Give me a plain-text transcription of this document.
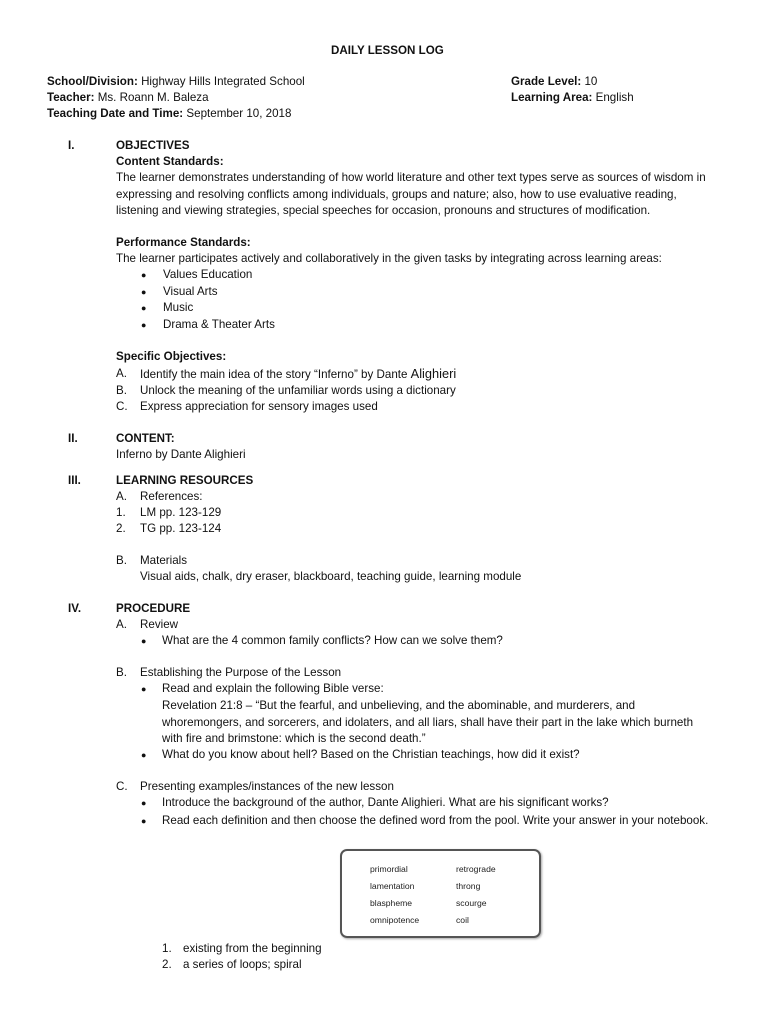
DAILY LESSON LOG
School/Division: Highway Hills Integrated School
Teacher: Ms. Roann M. Baleza
Teaching Date and Time: September 10, 2018
Grade Level: 10
Learning Area: English
I.	OBJECTIVES
Content Standards:
The learner demonstrates understanding of how world literature and other text types serve as sources of wisdom in expressing and resolving conflicts among individuals, groups and nature; also, how to use evaluative reading, listening and viewing strategies, special speeches for occasion, pronouns and structures of modification.
Performance Standards:
The learner participates actively and collaboratively in the given tasks by integrating across learning areas:
● Values Education
● Visual Arts
● Music
● Drama & Theater Arts
Specific Objectives:
A. Identify the main idea of the story “Inferno” by Dante Alighieri
B. Unlock the meaning of the unfamiliar words using a dictionary
C. Express appreciation for sensory images used
II.	CONTENT:
Inferno by Dante Alighieri
III.	LEARNING RESOURCES
A. References:
1. LM pp. 123-129
2. TG pp. 123-124
B. Materials
Visual aids, chalk, dry eraser, blackboard, teaching guide, learning module
IV.	PROCEDURE
A. Review
● What are the 4 common family conflicts? How can we solve them?
B. Establishing the Purpose of the Lesson
● Read and explain the following Bible verse:
Revelation 21:8 – “But the fearful, and unbelieving, and the abominable, and murderers, and whoremongers, and sorcerers, and idolaters, and all liars, shall have their part in the lake which burneth with fire and brimstone: which is the second death.”
● What do you know about hell? Based on the Christian teachings, how did it exist?
C. Presenting examples/instances of the new lesson
● Introduce the background of the author, Dante Alighieri. What are his significant works?
● Read each definition and then choose the defined word from the pool. Write your answer in your notebook.
primordial	retrograde
lamentation	throng
blaspheme	scourge
omnipotence	coil
1. existing from the beginning
2. a series of loops; spiral
